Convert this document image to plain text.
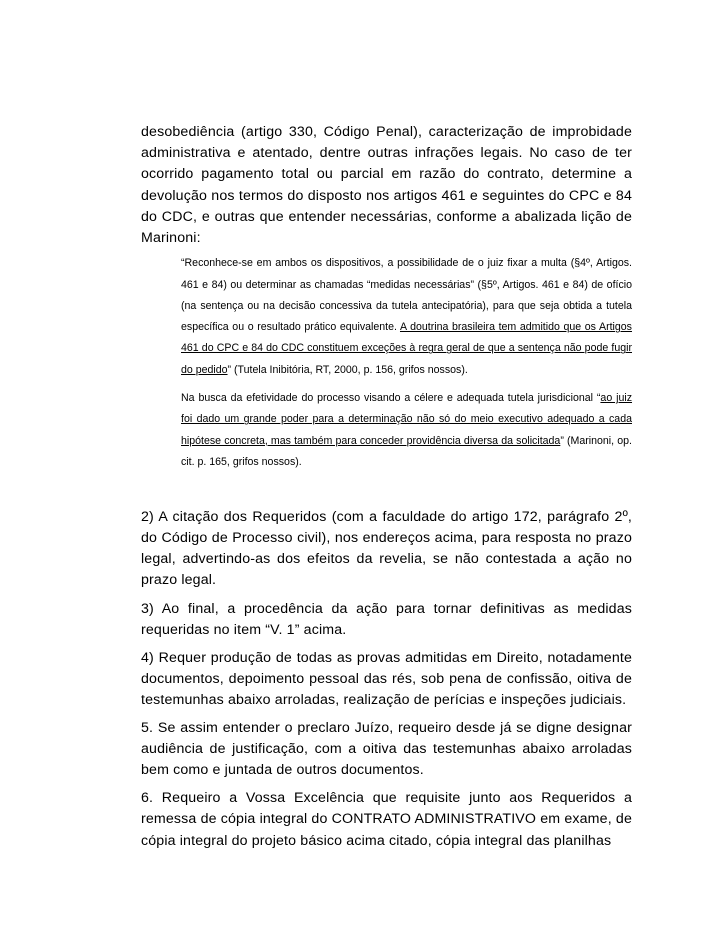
desobediência (artigo 330, Código Penal), caracterização de improbidade administrativa e atentado, dentre outras infrações legais. No caso de ter ocorrido pagamento total ou parcial em razão do contrato, determine a devolução nos termos do disposto nos artigos 461 e seguintes do CPC e 84 do CDC, e outras que entender necessárias, conforme a abalizada lição de Marinoni:

“Reconhece-se em ambos os dispositivos, a possibilidade de o juiz fixar a multa (§4º, Artigos. 461 e 84) ou determinar as chamadas “medidas necessárias” (§5º, Artigos. 461 e 84) de ofício (na sentença ou na decisão concessiva da tutela antecipatória), para que seja obtida a tutela específica ou o resultado prático equivalente. A doutrina brasileira tem admitido que os Artigos 461 do CPC e 84 do CDC constituem exceções à regra geral de que a sentença não pode fugir do pedido” (Tutela Inibitória, RT, 2000, p. 156, grifos nossos).

Na busca da efetividade do processo visando a célere e adequada tutela jurisdicional “ao juiz foi dado um grande poder para a determinação não só do meio executivo adequado a cada hipótese concreta, mas também para conceder providência diversa da solicitada” (Marinoni, op. cit. p. 165, grifos nossos).

2) A citação dos Requeridos (com a faculdade do artigo 172, parágrafo 2º, do Código de Processo civil), nos endereços acima, para resposta no prazo legal, advertindo-as dos efeitos da revelia, se não contestada a ação no prazo legal.

3) Ao final, a procedência da ação para tornar definitivas as medidas requeridas no item “V. 1” acima.

4) Requer produção de todas as provas admitidas em Direito, notadamente documentos, depoimento pessoal das rés, sob pena de confissão, oitiva de testemunhas abaixo arroladas, realização de perícias e inspeções judiciais.

5. Se assim entender o preclaro Juízo, requeiro desde já se digne designar audiência de justificação, com a oitiva das testemunhas abaixo arroladas bem como e juntada de outros documentos.

6. Requeiro a Vossa Excelência que requisite junto aos Requeridos a remessa de cópia integral do CONTRATO ADMINISTRATIVO em exame, de cópia integral do projeto básico acima citado, cópia integral das planilhas
